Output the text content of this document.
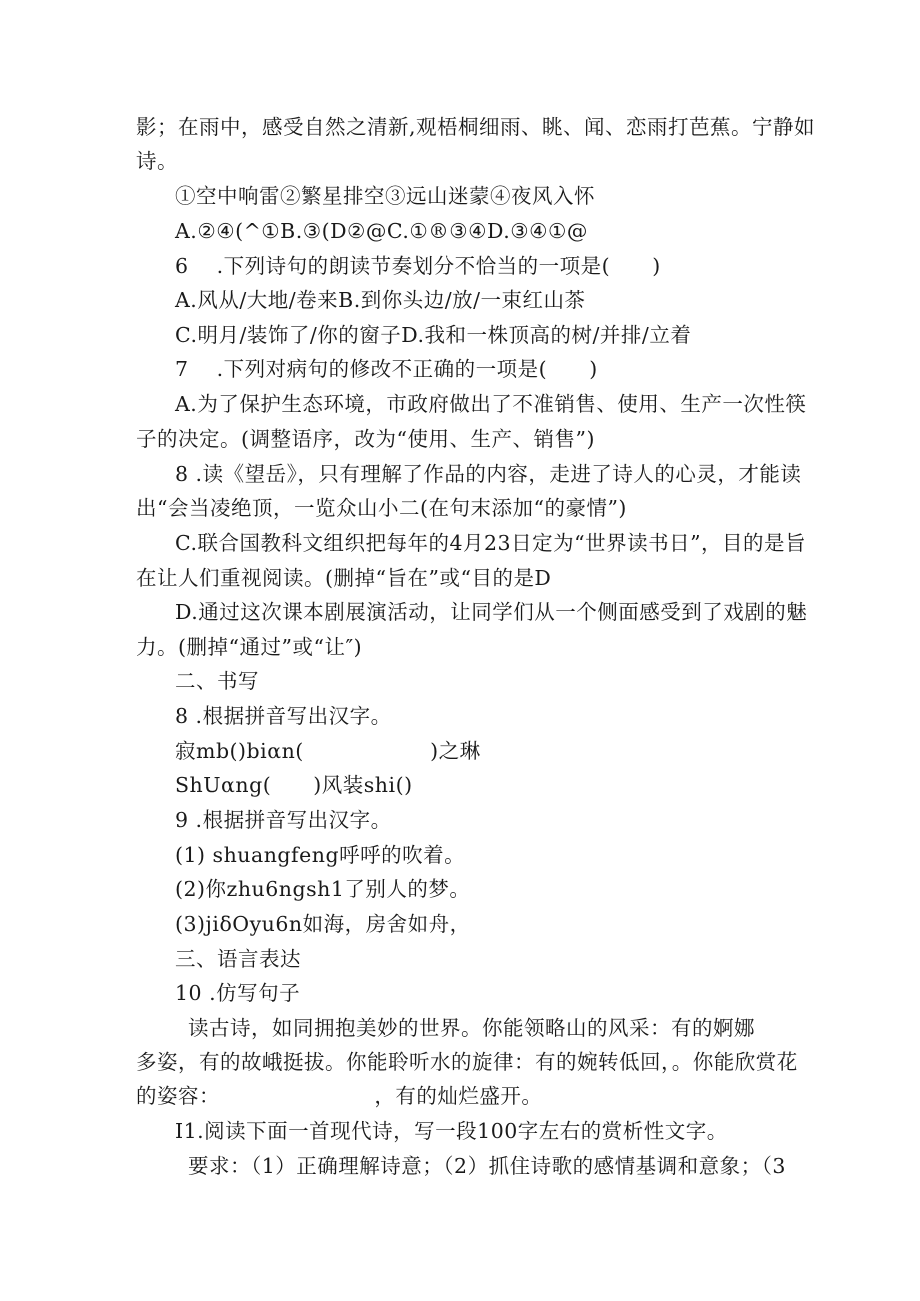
影；在雨中，感受自然之清新,观梧桐细雨、眺、闻、恋雨打芭蕉。宁静如
诗。
①空中响雷②繁星排空③远山迷蒙④夜风入怀
A.②④(^①B.③(D②@C.①®③④D.③④①@
6    .下列诗句的朗读节奏划分不恰当的一项是(      )
A.风从/大地/卷来B.到你头边/放/一束红山茶
C.明月/装饰了/你的窗子D.我和一株顶高的树/并排/立着
7    .下列对病句的修改不正确的一项是(      )
A.为了保护生态环境，市政府做出了不准销售、使用、生产一次性筷
子的决定。(调整语序，改为“使用、生产、销售”)
8 .读《望岳》，只有理解了作品的内容，走进了诗人的心灵，才能读
出“会当凌绝顶，一览众山小二(在句末添加“的豪情”)
C.联合国教科文组织把每年的4月23日定为“世界读书日”，目的是旨
在让人们重视阅读。(删掉“旨在”或“目的是D
D.通过这次课本剧展演活动，让同学们从一个侧面感受到了戏剧的魅
力。(删掉“通过”或“让″)
二、书写
8 .根据拼音写出汉字。
寂mb()biαn(                  )之琳
ShUαng(      )风装shi()
9 .根据拼音写出汉字。
(1) shuangfeng呼呼的吹着。
(2)你zhu6ngsh1了别人的梦。
(3)jiδOyu6n如海，房舍如舟，
三、语言表达
10 .仿写句子
读古诗，如同拥抱美妙的世界。你能领略山的风采：有的婀娜
多姿，有的故峨挺拔。你能聆听水的旋律：有的婉转低回，。你能欣赏花
的姿容：                      ，有的灿烂盛开。
I1.阅读下面一首现代诗，写一段100字左右的赏析性文字。
要求：（1）正确理解诗意；（2）抓住诗歌的感情基调和意象；（3
